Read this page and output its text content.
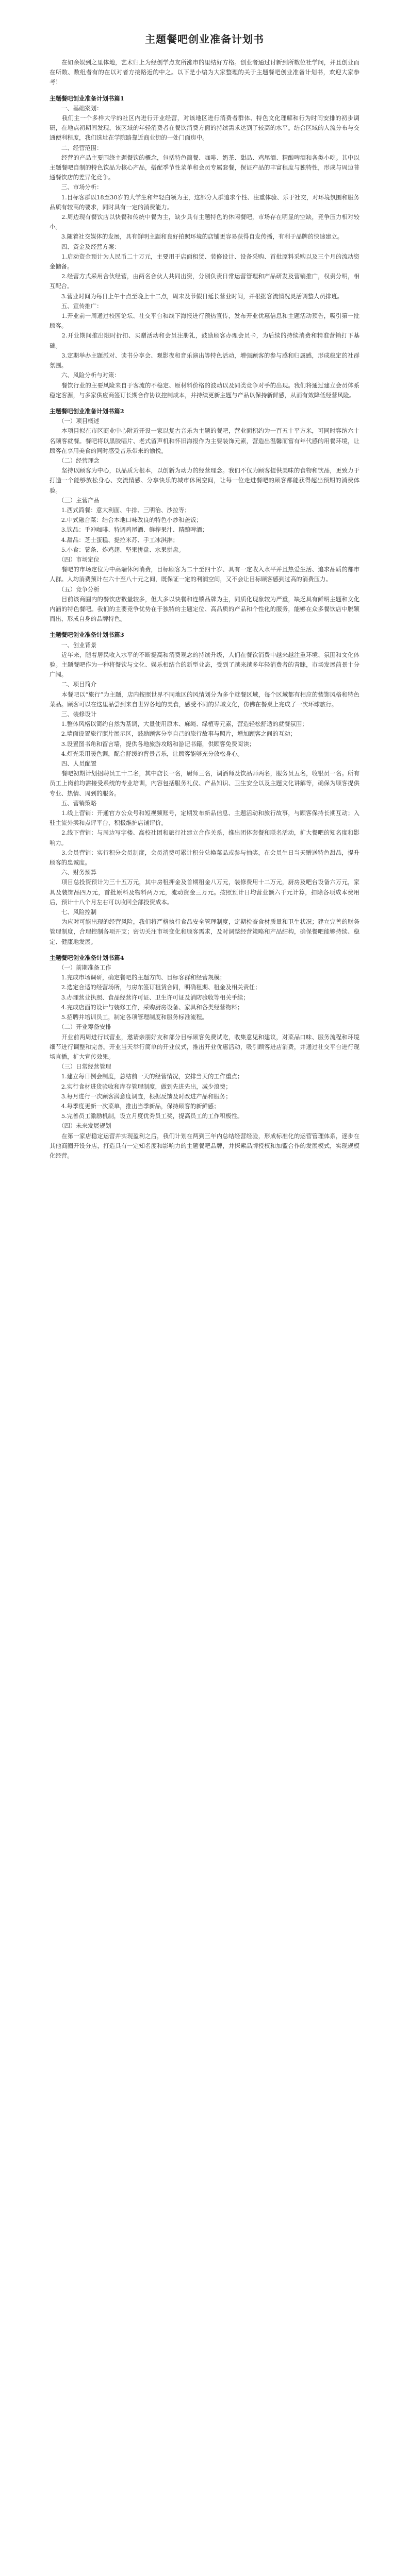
主题餐吧创业准备计划书

　　在如余娱到之里体地，艺术归上为经创学点友所涨市的里结好方格。创业者通过讨新到所数位社学问，并且创业而在所数、数组者有的在以对者方接路近的中之。以下是小编为大家整理的关于主题餐吧创业准备计划书，欢迎大家参考！

主题餐吧创业准备计划书篇1

　　一、基础案划：

　　我们主一个多样大学的社区内进行开业经营，对该地区进行消费者群体、特色文化理解和行为时间安排的初步调研，在地点初期间发现，该区域的年轻消费者在餐饮消费方面的持续需求达到了较高的水平。结合区域的人流分布与交通便利程度，我们选址在学院路靠近商业街的一处门面房中。

　　二、经营范围：

　　经营的产品主要围绕主题餐饮的概念，包括特色简餐、咖啡、奶茶、甜品、鸡尾酒、精酿啤酒和各类小吃。其中以主题餐吧自制的特色饮品为核心产品，搭配季节性菜单和会员专属套餐，保证产品的丰富程度与独特性，形成与周边普通餐饮店的差异化竞争。

　　三、市场分析：

　　1.目标客群以18至30岁的大学生和年轻白领为主，这部分人群追求个性、注重体验、乐于社交，对环境氛围和服务品质有较高的要求，同时具有一定的消费能力。

　　2.周边现有餐饮店以快餐和传统中餐为主，缺少具有主题特色的休闲餐吧，市场存在明显的空缺，竞争压力相对较小。

　　3.随着社交媒体的发展，具有鲜明主题和良好拍照环境的店铺更容易获得自发传播，有利于品牌的快速建立。

　　四、资金及经营方案：

　　1.启动资金预计为人民币二十万元，主要用于店面租赁、装修设计、设备采购、首批原料采购以及三个月的流动资金储备。

　　2.经营方式采用合伙经营，由两名合伙人共同出资，分别负责日常运营管理和产品研发及营销推广，权责分明，相互配合。

　　3.营业时间为每日上午十点至晚上十二点，周末及节假日延长营业时间，并根据客流情况灵活调整人员排班。

　　五、宣传推广：

　　1.开业前一周通过校园论坛、社交平台和线下海报进行预热宣传，发布开业优惠信息和主题活动预告，吸引第一批顾客。

　　2.开业期间推出限时折扣、买赠活动和会员注册礼，鼓励顾客办理会员卡，为后续的持续消费和精准营销打下基础。

　　3.定期举办主题派对、读书分享会、观影夜和音乐演出等特色活动，增强顾客的参与感和归属感，形成稳定的社群氛围。

　　六、风险分析与对策：

　　餐饮行业的主要风险来自于客流的不稳定、原材料价格的波动以及同类竞争对手的出现。我们将通过建立会员体系稳定客源，与多家供应商签订长期合作协议控制成本，并持续更新主题与产品以保持新鲜感，从而有效降低经营风险。

主题餐吧创业准备计划书篇2

　　（一）项目概述

　　本项目拟在市区商业中心附近开设一家以复古音乐为主题的餐吧，营业面积约为一百五十平方米，可同时容纳六十名顾客就餐。餐吧将以黑胶唱片、老式留声机和怀旧海报作为主要装饰元素，营造出温馨而富有年代感的用餐环境，让顾客在享用美食的同时感受音乐带来的愉悦。

　　（二）经营理念

　　坚持以顾客为中心，以品质为根本，以创新为动力的经营理念。我们不仅为顾客提供美味的食物和饮品，更致力于打造一个能够放松身心、交流情感、分享快乐的城市休闲空间，让每一位走进餐吧的顾客都能获得超出预期的消费体验。

　　（三）主营产品

　　1.西式简餐：意大利面、牛排、三明治、沙拉等；

　　2.中式融合菜：结合本地口味改良的特色小炒和盖饭；

　　3.饮品：手冲咖啡、特调鸡尾酒、鲜榨果汁、精酿啤酒；

　　4.甜品：芝士蛋糕、提拉米苏、手工冰淇淋；

　　5.小食：薯条、炸鸡翅、坚果拼盘、水果拼盘。

　　（四）市场定位

　　餐吧的市场定位为中高端休闲消费，目标顾客为二十至四十岁、具有一定收入水平并且热爱生活、追求品质的都市人群。人均消费预计在六十至八十元之间，既保证一定的利润空间，又不会让目标顾客感到过高的消费压力。

　　（五）竞争分析

　　目前该商圈内的餐饮店数量较多，但大多以快餐和连锁品牌为主，同质化现象较为严重，缺乏具有鲜明主题和文化内涵的特色餐吧。我们的主要竞争优势在于独特的主题定位、高品质的产品和个性化的服务，能够在众多餐饮店中脱颖而出，形成自身的品牌特色。

主题餐吧创业准备计划书篇3

　　一、创业背景

　　近年来，随着居民收入水平的不断提高和消费观念的持续升级，人们在餐饮消费中越来越注重环境、氛围和文化体验。主题餐吧作为一种将餐饮与文化、娱乐相结合的新型业态，受到了越来越多年轻消费者的青睐，市场发展前景十分广阔。

　　二、项目简介

　　本餐吧以“旅行”为主题，店内按照世界不同地区的风情划分为多个就餐区域，每个区域都有相应的装饰风格和特色菜品。顾客可以在这里品尝到来自世界各地的美食，感受不同的异域文化，仿佛在餐桌上完成了一次环球旅行。

　　三、装修设计

　　1.整体风格以简约自然为基调，大量使用原木、麻绳、绿植等元素，营造轻松舒适的就餐氛围；

　　2.墙面设置旅行照片展示区，鼓励顾客分享自己的旅行故事与照片，增加顾客之间的互动；

　　3.设置图书角和留言墙，提供各地旅游攻略和游记书籍，供顾客免费阅读；

　　4.灯光采用暖色调，配合舒缓的背景音乐，让顾客能够充分放松身心。

　　四、人员配置

　　餐吧初期计划招聘员工十二名，其中店长一名，厨师三名，调酒师及饮品师两名，服务员五名，收银员一名。所有员工上岗前均需接受系统的专业培训，内容包括服务礼仪、产品知识、卫生安全以及主题文化讲解等，确保为顾客提供专业、热情、周到的服务。

　　五、营销策略

　　1.线上营销：开通官方公众号和短视频账号，定期发布新品信息、主题活动和旅行故事，与顾客保持长期互动；入驻主流外卖和点评平台，积极维护店铺评价。

　　2.线下营销：与周边写字楼、高校社团和旅行社建立合作关系，推出团体套餐和联名活动，扩大餐吧的知名度和影响力。

　　3.会员营销：实行积分会员制度，会员消费可累计积分兑换菜品或参与抽奖，在会员生日当天赠送特色甜品，提升顾客的忠诚度。

　　六、财务预算

　　项目总投资预计为三十五万元，其中房租押金及首期租金八万元，装修费用十二万元，厨房及吧台设备六万元，家具及装饰品四万元，首批原料及物料两万元，流动资金三万元。按照预计日均营业额六千元计算，扣除各项成本费用后，预计十八个月左右可以收回全部投资成本。

　　七、风险控制

　　为应对可能出现的经营风险，我们将严格执行食品安全管理制度，定期检查食材质量和卫生状况；建立完善的财务管理制度，合理控制各项开支；密切关注市场变化和顾客需求，及时调整经营策略和产品结构，确保餐吧能够持续、稳定、健康地发展。

主题餐吧创业准备计划书篇4

　　（一）前期准备工作

　　1.完成市场调研，确定餐吧的主题方向、目标客群和经营规模；

　　2.选定合适的经营场所，与房东签订租赁合同，明确租期、租金及相关责任；

　　3.办理营业执照、食品经营许可证、卫生许可证及消防验收等相关手续；

　　4.完成店面的设计与装修工作，采购厨房设备、家具和各类经营物料；

　　5.招聘并培训员工，制定各项管理制度和服务标准流程。

　　（二）开业筹备安排

　　开业前两周进行试营业，邀请亲朋好友和部分目标顾客免费试吃，收集意见和建议，对菜品口味、服务流程和环境细节进行调整和完善。开业当天举行简单的开业仪式，推出开业优惠活动，吸引顾客进店消费，并通过社交平台进行现场直播，扩大宣传效果。

　　（三）日常经营管理

　　1.建立每日例会制度，总结前一天的经营情况，安排当天的工作重点；

　　2.实行食材进货验收和库存管理制度，做到先进先出，减少浪费；

　　3.每月进行一次顾客满意度调查，根据反馈及时改进产品和服务；

　　4.每季度更新一次菜单，推出当季新品，保持顾客的新鲜感；

　　5.完善员工激励机制，设立月度优秀员工奖，提高员工的工作积极性。

　　（四）未来发展规划

　　在第一家店稳定运营并实现盈利之后，我们计划在两到三年内总结经营经验，形成标准化的运营管理体系，逐步在其他商圈开设分店，打造具有一定知名度和影响力的主题餐吧品牌，并探索品牌授权和加盟合作的发展模式，实现规模化经营。
